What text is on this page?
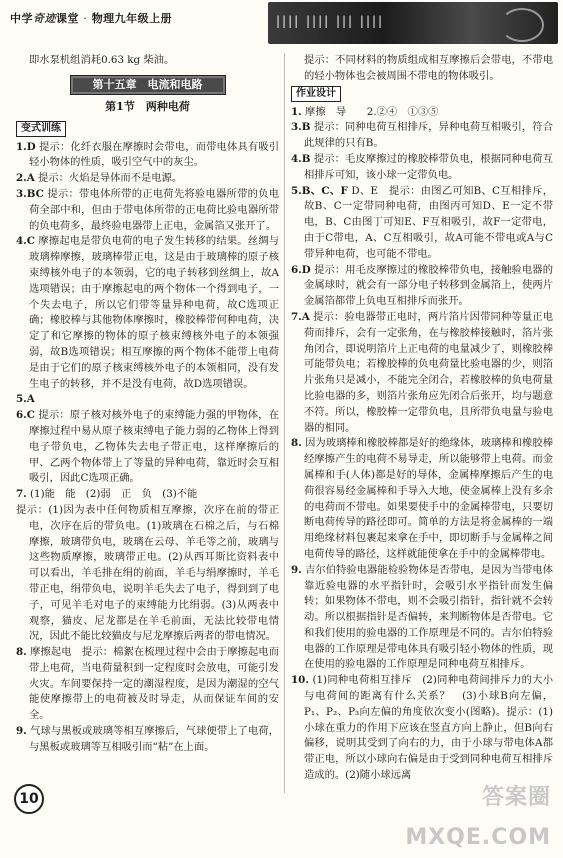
中学奇迹课堂 · 物理九年级上册	|||| |||| ||| ||||

即水泵机组消耗0.63 kg 柴油。

第十五章　电流和电路
第1节　两种电荷
变式训练

1.D 提示：化纤衣服在摩擦时会带电，而带电体具有吸引轻小物体的性质，吸引空气中的灰尘。

2.A 提示：火焰是导体而不是电源。

3.BC 提示：带电体所带的正电荷先将验电器所带的负电荷全部中和，但由于带电体所带的正电荷比验电器所带的负电荷多，最终验电器带上正电，金属箔又张开了。

4.C 摩擦起电是带负电荷的电子发生转移的结果。丝绸与玻璃棒摩擦，玻璃棒带正电，这是由于玻璃棒的原子核束缚核外电子的本领弱，它的电子转移到丝绸上，故A选项错误；由于摩擦起电的两个物体一个得到电子，一个失去电子，所以它们带等量异种电荷，故C选项正确；橡胶棒与其他物体摩擦时，橡胶棒带何种电荷，决定了和它摩擦的物体的原子核束缚核外电子的本领强弱，故B选项错误；相互摩擦的两个物体不能带上电荷是由于它们的原子核束缚核外电子的本领相同，没有发生电子的转移，并不是没有电荷，故D选项错误。

5.A

6.C 提示：原子核对核外电子的束缚能力强的甲物体，在摩擦过程中易从原子核束缚电子能力弱的乙物体上得到电子带负电，乙物体失去电子带正电，这样摩擦后的甲、乙两个物体带上了等量的异种电荷，靠近时会互相吸引，因此C选项正确。

7. (1)能　能　(2)弱　正　负　(3)不能

提示：(1)因为表中任何物质相互摩擦，次序在前的带正电，次序在后的带负电。(1)玻璃在石棉之后，与石棉摩擦，玻璃带负电，玻璃在云母、羊毛等之前，玻璃与这些物质摩擦，玻璃带正电。(2)从西耳斯比资料表中可以看出，羊毛排在绢的前面，羊毛与绢摩擦时，羊毛带正电，绢带负电，说明羊毛失去了电子，得到到了电子，可见羊毛对电子的束缚能力比绢弱。(3)从两表中观察，猫皮、尼龙都是在羊毛前面，无法比较带电情况，因此不能比较猫皮与尼龙摩擦后两者的带电情况。

8. 摩擦起电　提示：棉絮在梳理过程中会由于摩擦起电而带上电荷，当电荷量积到一定程度时会放电，可能引发火灾。车间要保持一定的潮湿程度，是因为潮湿的空气能使摩擦带上的电荷被及时导走，从而保证车间的安全。

9. 气球与黑板或玻璃等相互摩擦后，气球便带上了电荷，与黑板或玻璃等互相吸引而“粘”在上面。

提示：不同材料的物质组成相互摩擦后会带电，不带电的轻小物体也会被周围不带电的物体吸引。

作业设计

1. 摩擦　导　　2.②④　①③⑤

3.B 提示：同种电荷互相排斥，异种电荷互相吸引，符合此规律的只有B。

4.B 提示：毛皮摩擦过的橡胶棒带负电，根据同种电荷互相排斥可知，该小球一定带负电。

5.B、C、F D、E　提示：由图乙可知B、C互相排斥，故B、C一定带同种电荷，由图丙可知D、E一定不带电，B、C由图丁可知E、F互相吸引，故F一定带电，由于C带电，A、C互相吸引，故A可能不带电或A与C带异种电荷，也可能不带电。

6.D 提示：用毛皮摩擦过的橡胶棒带负电，接触验电器的金属球时，就会有一部分电子转移到金属箔上，使两片金属箔都带上负电互相排斥而张开。

7.A 提示：验电器带正电时，两片箔片因带同种等量正电荷而排斥，会有一定张角，在与橡胶棒接触时，箔片张角闭合，即说明箔片上正电荷的电量减少了，则橡胶棒可能带负电；若橡胶棒的负电荷量比验电器的少，则箔片张角只是减小，不能完全闭合，若橡胶棒的负电荷量比验电器的多，则箔片张角应先闭合后张开，均与题意不符。所以，橡胶棒一定带负电，且所带负电量与验电器的相同。

8. 因为玻璃棒和橡胶棒都是好的绝缘体，玻璃棒和橡胶棒经摩擦产生的电荷不易导走，所以能够带上电荷。而金属棒和手(人体)都是好的导体，金属棒摩擦后产生的电荷很容易经金属棒和手导入大地，使金属棒上没有多余的电荷而不带电。如果要使手中的金属棒带电，只要切断电荷传导的路径即可。简单的方法是将金属棒的一端用绝缘材料包裹起来拿在手中，即切断手与金属棒之间电荷传导的路径，这样就能使拿在手中的金属棒带电。

9. 吉尔伯特验电器能检验物体是否带电，是因为当带电体靠近验电器的水平指针时，会吸引水平指针而发生偏转；如果物体不带电，则不会吸引指针，指针就不会转动。所以根据指针是否偏转，来判断物体是否带电。它和我们使用的验电器的工作原理是不同的。吉尔伯特验电器的工作原理是带电体具有吸引轻小物体的性质，现在使用的验电器的工作原理是同种电荷互相排斥。

10. (1)同种电荷相互排斥　(2)同种电荷间排斥力的大小与电荷间的距离有什么关系？　(3)小球B向左偏，P₁、P₂、P₃向左偏的角度依次变小(图略)。提示：(1)小球在重力的作用下应该在竖直方向上静止，但B向右偏移，说明其受到了向右的力，由于小球与带电体A都带正电，所以小球向右偏是由于受到同种电荷互相排斥造成的。(2)随小球远离

10	答案圈 MXQE.COM
